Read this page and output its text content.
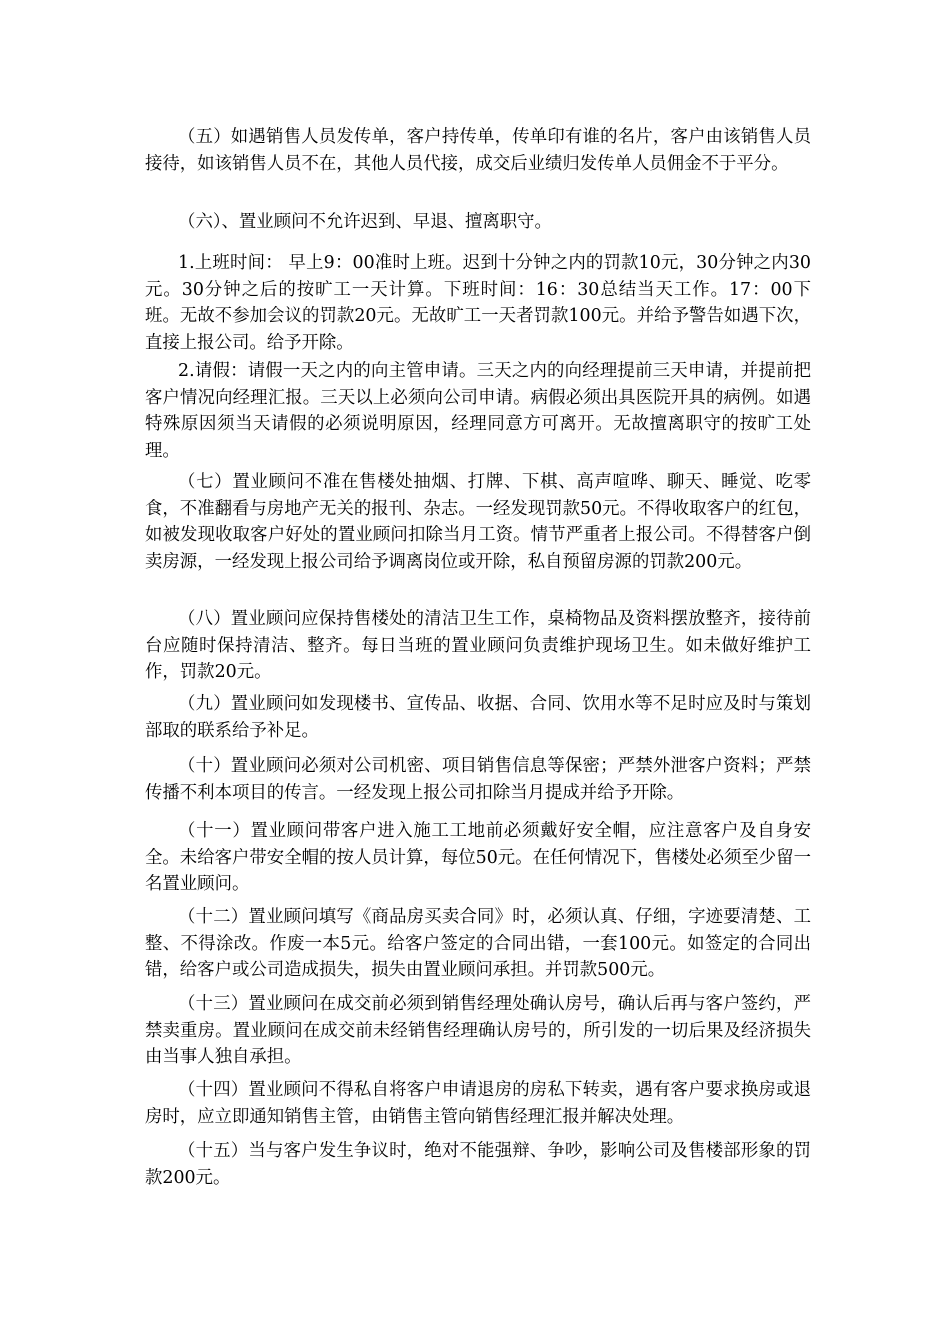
（五）如遇销售人员发传单，客户持传单，传单印有谁的名片，客户由该销售人员接待，如该销售人员不在，其他人员代接，成交后业绩归发传单人员佣金不于平分。

（六）、置业顾问不允许迟到、早退、擅离职守。

1.上班时间： 早上9：00准时上班。迟到十分钟之内的罚款10元，30分钟之内30元。30分钟之后的按旷工一天计算。下班时间：16：30总结当天工作。17：00下班。无故不参加会议的罚款20元。无故旷工一天者罚款100元。并给予警告如遇下次，直接上报公司。给予开除。

2.请假：请假一天之内的向主管申请。三天之内的向经理提前三天申请，并提前把客户情况向经理汇报。三天以上必须向公司申请。病假必须出具医院开具的病例。如遇特殊原因须当天请假的必须说明原因，经理同意方可离开。无故擅离职守的按旷工处理。

（七）置业顾问不准在售楼处抽烟、打牌、下棋、高声喧哗、聊天、睡觉、吃零食，不准翻看与房地产无关的报刊、杂志。一经发现罚款50元。不得收取客户的红包，如被发现收取客户好处的置业顾问扣除当月工资。情节严重者上报公司。不得替客户倒卖房源，一经发现上报公司给予调离岗位或开除，私自预留房源的罚款200元。

（八）置业顾问应保持售楼处的清洁卫生工作，桌椅物品及资料摆放整齐，接待前台应随时保持清洁、整齐。每日当班的置业顾问负责维护现场卫生。如未做好维护工作，罚款20元。

（九）置业顾问如发现楼书、宣传品、收据、合同、饮用水等不足时应及时与策划部取的联系给予补足。

（十）置业顾问必须对公司机密、项目销售信息等保密；严禁外泄客户资料；严禁传播不利本项目的传言。一经发现上报公司扣除当月提成并给予开除。

（十一）置业顾问带客户进入施工工地前必须戴好安全帽，应注意客户及自身安全。未给客户带安全帽的按人员计算，每位50元。在任何情况下，售楼处必须至少留一名置业顾问。

（十二）置业顾问填写《商品房买卖合同》时，必须认真、仔细，字迹要清楚、工整、不得涂改。作废一本5元。给客户签定的合同出错，一套100元。如签定的合同出错，给客户或公司造成损失，损失由置业顾问承担。并罚款500元。

（十三）置业顾问在成交前必须到销售经理处确认房号，确认后再与客户签约，严禁卖重房。置业顾问在成交前未经销售经理确认房号的，所引发的一切后果及经济损失由当事人独自承担。

（十四）置业顾问不得私自将客户申请退房的房私下转卖，遇有客户要求换房或退房时，应立即通知销售主管，由销售主管向销售经理汇报并解决处理。

（十五）当与客户发生争议时，绝对不能强辩、争吵，影响公司及售楼部形象的罚款200元。
